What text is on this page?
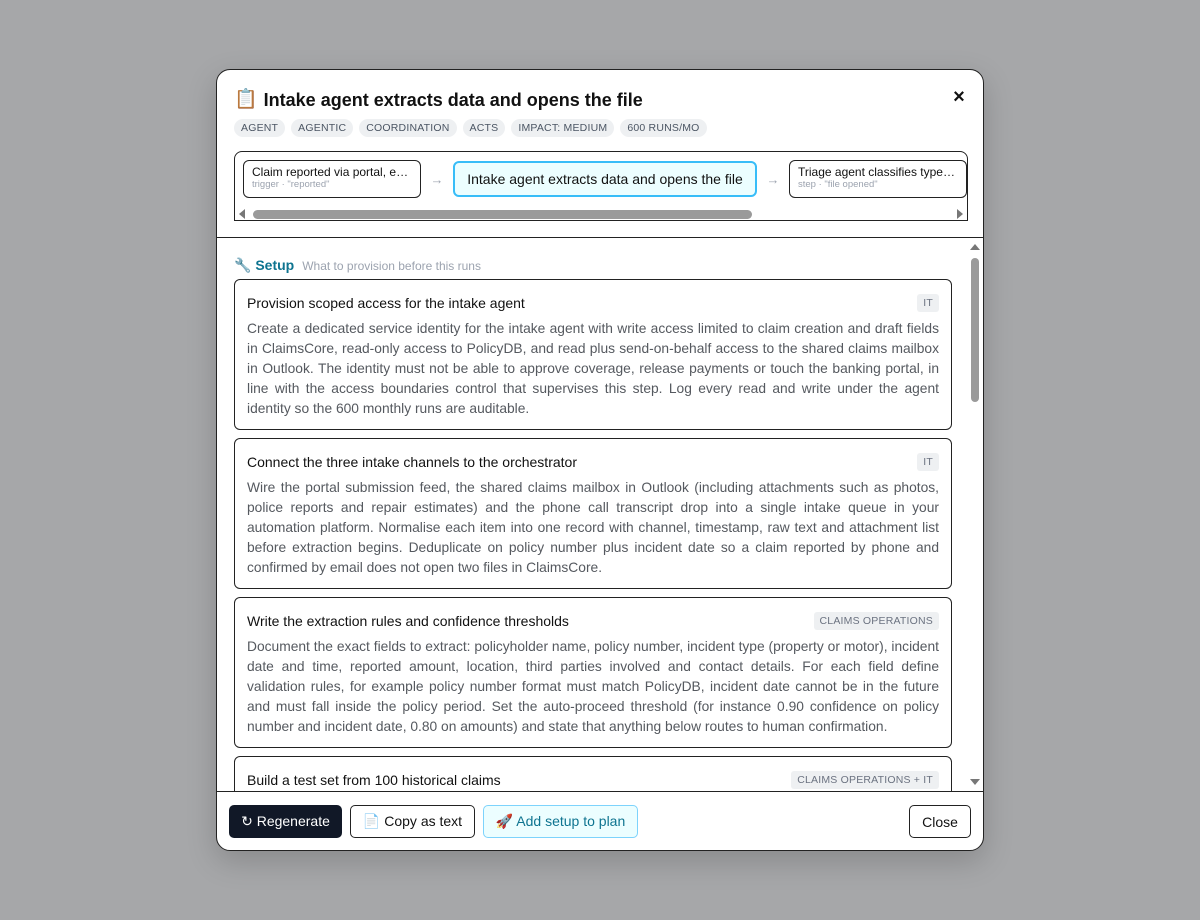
📋 Intake agent extracts data and opens the file	×
AGENT	AGENTIC	COORDINATION	ACTS	IMPACT: MEDIUM	600 RUNS/MO
Claim reported via portal, e…
trigger · "reported"	→	Intake agent extracts data and opens the file	→	Triage agent classifies type…
step · "file opened"
🔧 Setup What to provision before this runs
Provision scoped access for the intake agent	IT
Create a dedicated service identity for the intake agent with write access limited to claim creation and draft fields in ClaimsCore, read-only access to PolicyDB, and read plus send-on-behalf access to the shared claims mailbox in Outlook. The identity must not be able to approve coverage, release payments or touch the banking portal, in line with the access boundaries control that supervises this step. Log every read and write under the agent identity so the 600 monthly runs are auditable.
Connect the three intake channels to the orchestrator	IT
Wire the portal submission feed, the shared claims mailbox in Outlook (including attachments such as photos, police reports and repair estimates) and the phone call transcript drop into a single intake queue in your automation platform. Normalise each item into one record with channel, timestamp, raw text and attachment list before extraction begins. Deduplicate on policy number plus incident date so a claim reported by phone and confirmed by email does not open two files in ClaimsCore.
Write the extraction rules and confidence thresholds	CLAIMS OPERATIONS
Document the exact fields to extract: policyholder name, policy number, incident type (property or motor), incident date and time, reported amount, location, third parties involved and contact details. For each field define validation rules, for example policy number format must match PolicyDB, incident date cannot be in the future and must fall inside the policy period. Set the auto-proceed threshold (for instance 0.90 confidence on policy number and incident date, 0.80 on amounts) and state that anything below routes to human confirmation.
Build a test set from 100 historical claims	CLAIMS OPERATIONS + IT
↻ Regenerate	📄 Copy as text	🚀 Add setup to plan	Close
